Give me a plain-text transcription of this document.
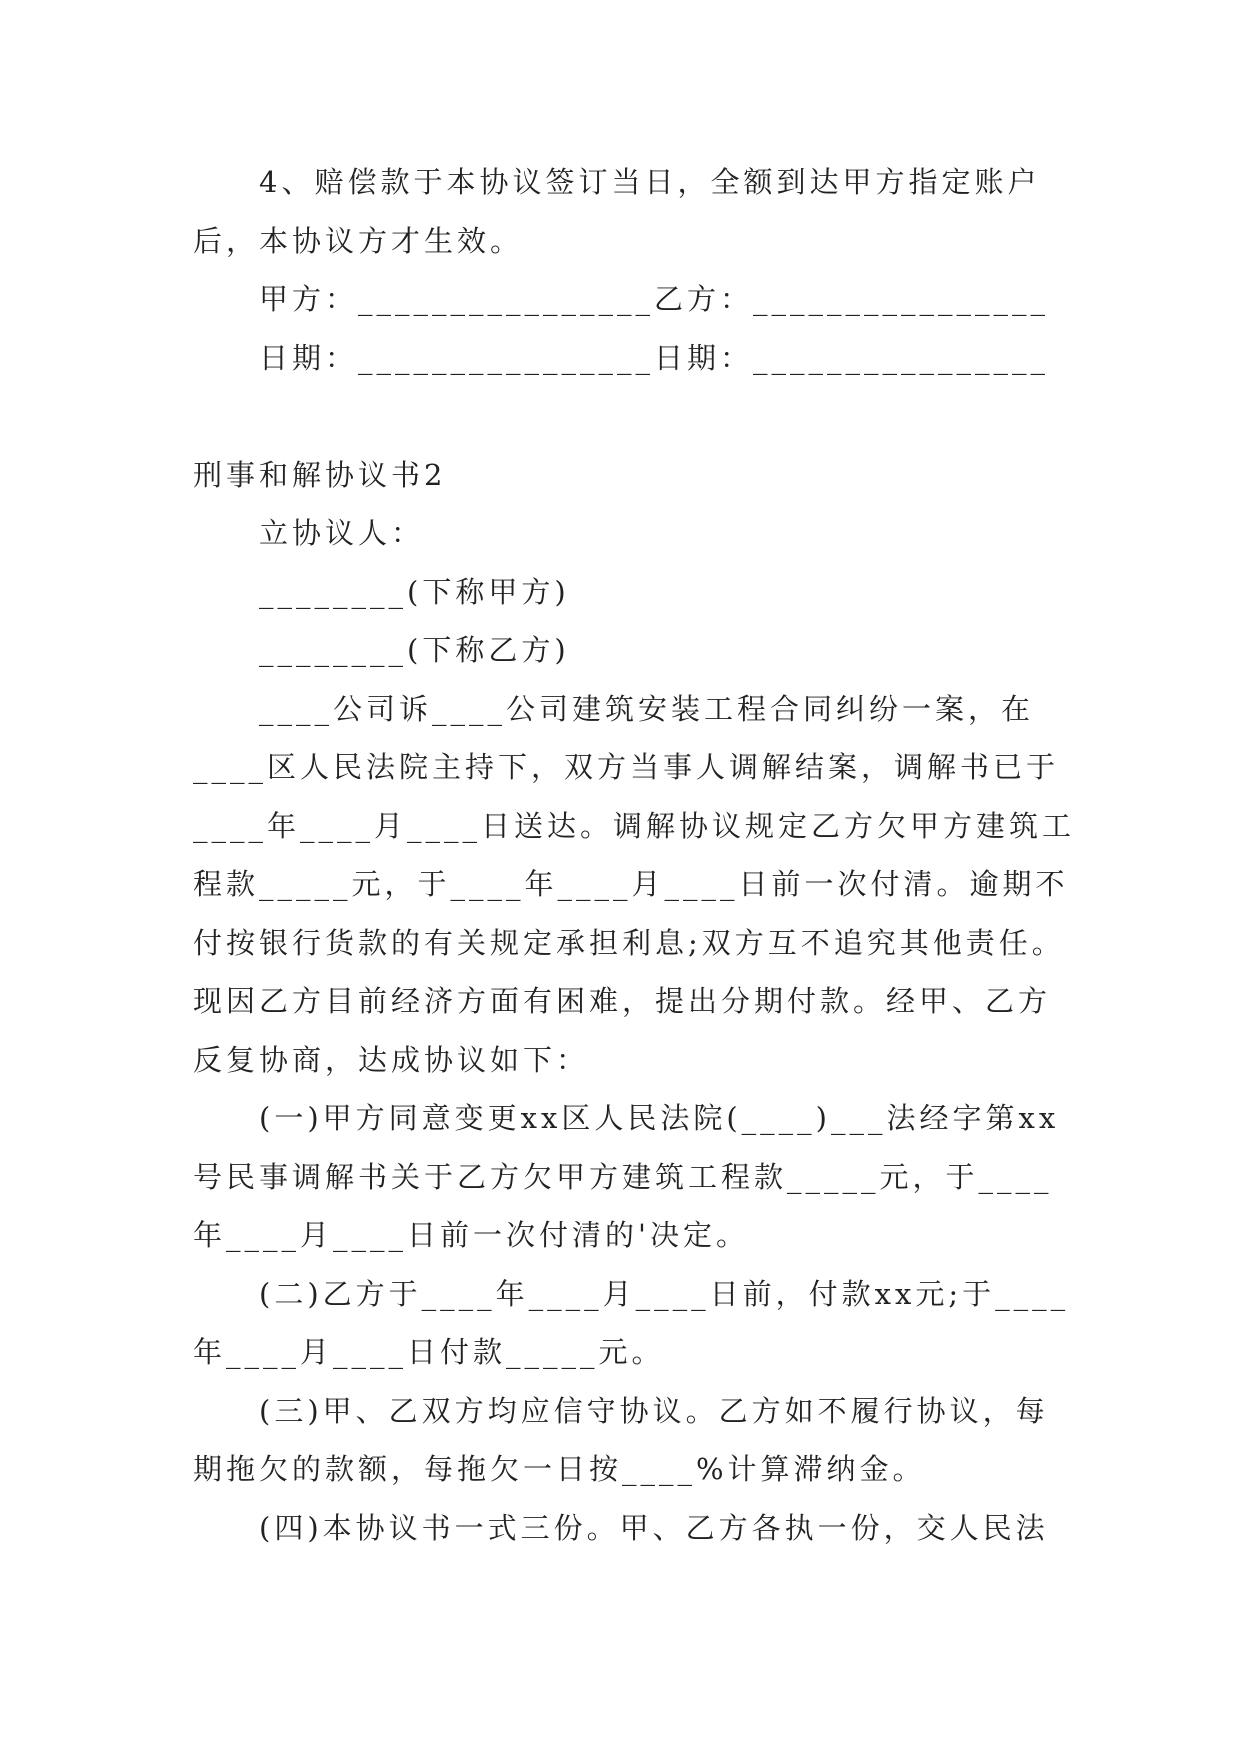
4、赔偿款于本协议签订当日，全额到达甲方指定账户
后，本协议方才生效。
甲方：________________乙方：________________
日期：________________日期：________________
刑事和解协议书2
立协议人：
________(下称甲方)
________(下称乙方)
____公司诉____公司建筑安装工程合同纠纷一案，在
____区人民法院主持下，双方当事人调解结案，调解书已于
____年____月____日送达。调解协议规定乙方欠甲方建筑工
程款_____元，于____年____月____日前一次付清。逾期不
付按银行货款的有关规定承担利息;双方互不追究其他责任。
现因乙方目前经济方面有困难，提出分期付款。经甲、乙方
反复协商，达成协议如下：
(一)甲方同意变更xx区人民法院(____)___法经字第xx
号民事调解书关于乙方欠甲方建筑工程款_____元，于____
年____月____日前一次付清的'决定。
(二)乙方于____年____月____日前，付款xx元;于____
年____月____日付款_____元。
(三)甲、乙双方均应信守协议。乙方如不履行协议，每
期拖欠的款额，每拖欠一日按____%计算滞纳金。
(四)本协议书一式三份。甲、乙方各执一份，交人民法
